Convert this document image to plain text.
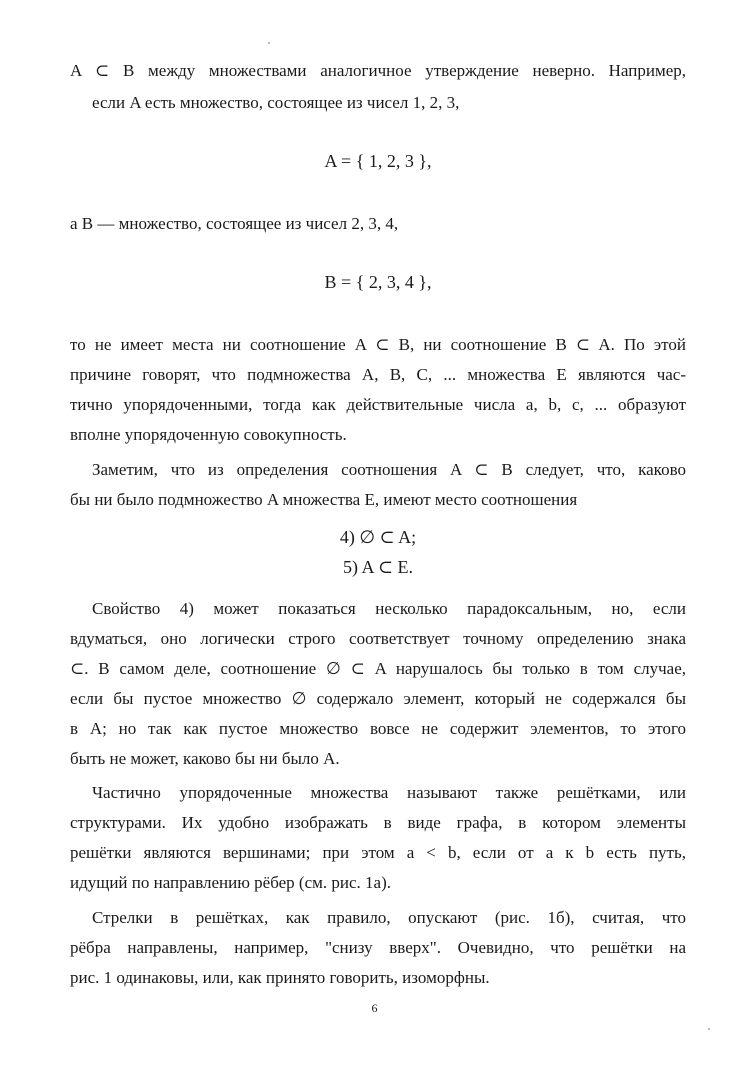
A ⊂ B между множествами аналогичное утверждение неверно. Например,
если A есть множество, состоящее из чисел 1, 2, 3,
A = { 1, 2, 3 },
а B — множество, состоящее из чисел 2, 3, 4,
B = { 2, 3, 4 },
то не имеет места ни соотношение A ⊂ B, ни соотношение B ⊂ A. По этой
причине говорят, что подмножества A, B, C, ... множества E являются час-
тично упорядоченными, тогда как действительные числа a, b, c, ... образуют
вполне упорядоченную совокупность.
Заметим, что из определения соотношения A ⊂ B следует, что, каково
бы ни было подмножество A множества E, имеют место соотношения
4) ∅ ⊂ A;
5) A ⊂ E.
Свойство 4) может показаться несколько парадоксальным, но, если
вдуматься, оно логически строго соответствует точному определению знака
⊂. В самом деле, соотношение ∅ ⊂ A нарушалось бы только в том случае,
если бы пустое множество ∅ содержало элемент, который не содержался бы
в A; но так как пустое множество вовсе не содержит элементов, то этого
быть не может, каково бы ни было A.
Частично упорядоченные множества называют также решётками, или
структурами. Их удобно изображать в виде графа, в котором элементы
решётки являются вершинами; при этом a < b, если от a к b есть путь,
идущий по направлению рёбер (см. рис. 1а).
Стрелки в решётках, как правило, опускают (рис. 1б), считая, что
рёбра направлены, например, "снизу вверх". Очевидно, что решётки на
рис. 1 одинаковы, или, как принято говорить, изоморфны.
6
